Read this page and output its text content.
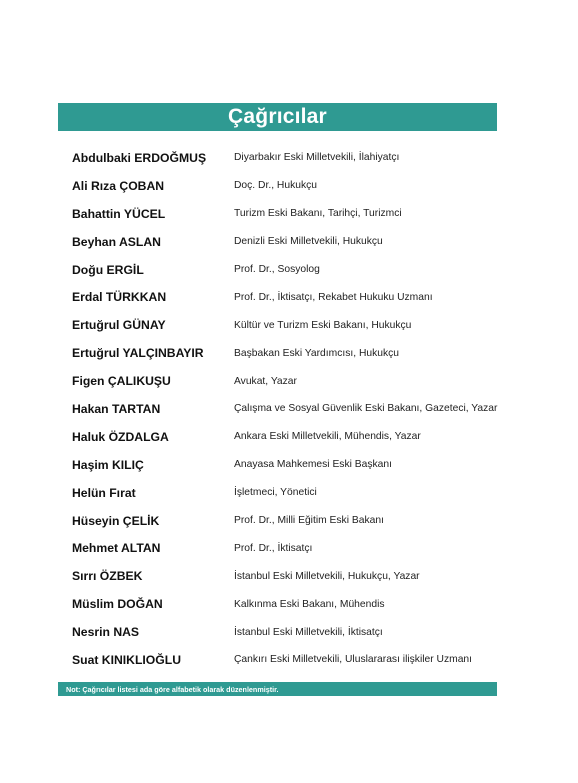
Çağrıcılar
Abdulbaki ERDOĞMUŞ	Diyarbakır Eski Milletvekili, İlahiyatçı
Ali Rıza ÇOBAN	Doç. Dr., Hukukçu
Bahattin YÜCEL	Turizm Eski Bakanı, Tarihçi, Turizmci
Beyhan ASLAN	Denizli Eski Milletvekili, Hukukçu
Doğu ERGİL	Prof. Dr., Sosyolog
Erdal TÜRKKAN	Prof. Dr., İktisatçı, Rekabet Hukuku Uzmanı
Ertuğrul GÜNAY	Kültür ve Turizm Eski Bakanı, Hukukçu
Ertuğrul YALÇINBAYIR	Başbakan Eski Yardımcısı, Hukukçu
Figen ÇALIKUŞU	Avukat, Yazar
Hakan TARTAN	Çalışma ve Sosyal Güvenlik Eski Bakanı, Gazeteci, Yazar
Haluk ÖZDALGA	Ankara Eski Milletvekili, Mühendis, Yazar
Haşim KILIÇ	Anayasa Mahkemesi Eski Başkanı
Helün Fırat	İşletmeci, Yönetici
Hüseyin ÇELİK	Prof. Dr., Milli Eğitim Eski Bakanı
Mehmet ALTAN	Prof. Dr., İktisatçı
Sırrı ÖZBEK	İstanbul Eski Milletvekili, Hukukçu, Yazar
Müslim DOĞAN	Kalkınma Eski Bakanı, Mühendis
Nesrin NAS	İstanbul Eski Milletvekili, İktisatçı
Suat KINIKLIOĞLU	Çankırı Eski Milletvekili, Uluslararası ilişkiler Uzmanı
Not: Çağrıcılar listesi ada göre alfabetik olarak düzenlenmiştir.
